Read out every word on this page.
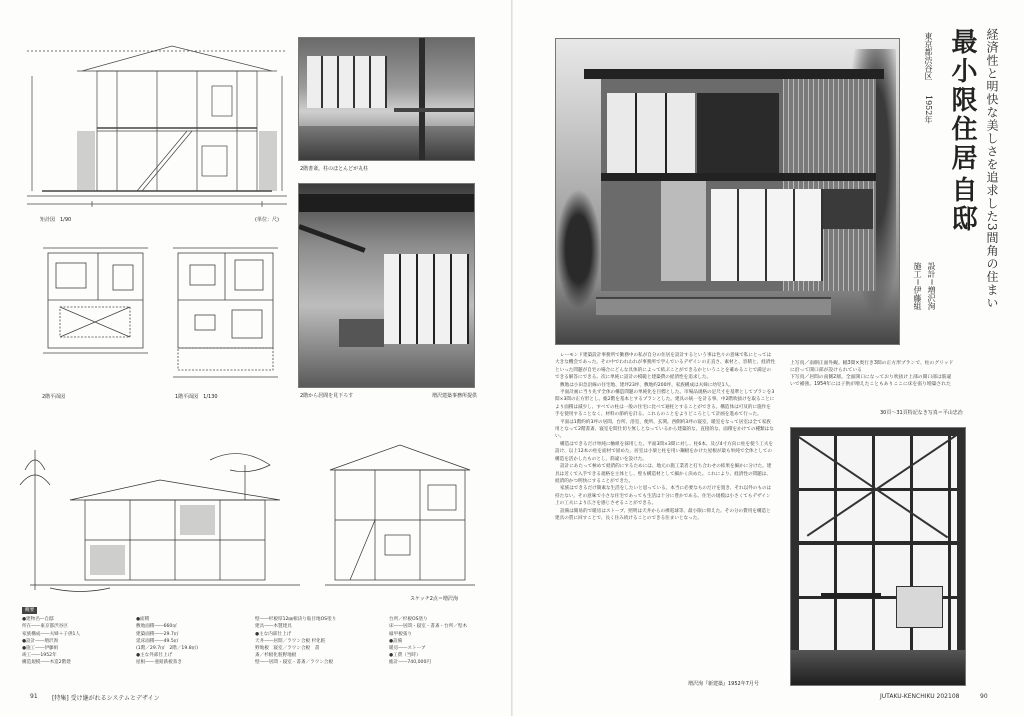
矩計図　1/90	(単位：尺)
2階平面図	1階平面図　1/130
2階書斎。柱のほとんどが丸柱
2階から居間を見下ろす	増沢建築事務所提供
スケッチ2点＝増沢洵
概要
●建物名―自邸
所在――東京都渋谷区
家族構成――夫婦＋子供1人
●設計――増沢洵
●施工――伊藤組
竣工――1952年
構造規模――木造2階建
●面積
敷地面積――660㎡
建築面積――29.7㎡
延床面積――49.5㎡
(1階／29.7㎡　2階／19.8㎡)
●主な外部仕上げ
屋根――亜鉛鉄板葺き
壁――杉板厚12㎜相決り貼目地OS塗り
建具――木製建具
●主な内部仕上げ
天井――居間／ラワン合板 杉化粧
野地板　寝室／ラワン合板　書
斎／杉板化粧野地板
壁――居間・寝室・書斎／ラワン合板
台所／杉板OS塗り
床――居間・寝室・書斎・台所／堅木
縁甲板張り
●設備
暖房――ストーブ
●工費（当時）
総計――740,000円
91 [特集] 受け継がれるシステムとデザイン
最小限住居
自邸 経済性と明快な美しさを追求した3間角の住まい
東京都渋谷区
1952年
設計＝増沢洵
施工＝伊藤組

レーモンド建築設計事務所で勤務中の私が自分の住居を設計するという事は色々の意味で私にとっては大きな機会であった。その中でわれわれが事務所で学んでいるデザインの正直さ、素材と、容積と、経済性といった問題が自宅の場合にどんな具体的によって結ぶことができるかということを確めることで満足のできる解答にできる。次に単純に設計の模範と建築費の経済性を追求した。

敷地は小田急沿線の住宅地、建坪23坪、敷地約200坪。家族構成は夫婦に幼児1人。

平面計画に当り先ず全体の構造問題の単純化を目標とした。市場品規格の足尺寸を基準としてプランを3間×3間の正方形とし、総2階を基本とするプランとした。建具の統一を計る事、中2階吹抜けを取ることにより面積は減少し、すべての柱は一般の住宅に比べて通柱とすることができる。構造体は可及的に施作を手を使用することなく、材料の節約を計る。これらのことをよりどころとして計画を進めて行った。

平面は1階約約3坪の居間、台所、浴室、便所、玄関。西側約3坪の寝室、暖室をなって居室は全て家族用となって2階書斎、寝室を間仕切り無しとなっているから建築的な、直接的な、面積をかけての種類はない。

構造はできるだけ単純に軸組を採用した。平面3間×3間に対し、柱6本、及び4寸方向に柱を使う工夫を設け、以上12本の柱を面材で固めた。居室は小梁と柱を用い鋼板をかけた屋根が最も単純で全体としての構造を活かしたものとし、筋違いを設けた。

設計にあたって極めて経済的にするためには、地元の施工業者と打ち合わせの結果を細かに分けた。建具は近くで入手できる規格を主体とし、壁も構造材として細かく決めた。これにより、経済性の問題は、経済的かつ明快にすることができた。

家族はできるだけ簡素な生活をしたいと思っている。本当に必要なものだけを置き、それ以外のものは持たない。その意味で小さな住宅であっても生活は十分に豊かである。住宅の規模は小さくてもデザイン上の工夫により広さを感じさせることができる。

設備は簡易的で暖房はストーブ、照明は天井からの裸電球等、最小限に抑えた。その分の費用を構造と建具の質に回すことで、長く住み続けることのできる住まいとなった。

増沢洵『新建築』1952年7月号
上写真／南側正面外観。幅3間×奥行き3間の正方形プランで、柱のグリッドに沿って開口部が設けられている
下写真／居間の南側2層。全面開口になっており吹抜け上部の開口部は筋違いで補強。1954年には子供が増えたこともありここに床を張り増築された
30頁～31頁特記なき写真＝平山忠治
JUTAKU-KENCHIKU 202108	90
